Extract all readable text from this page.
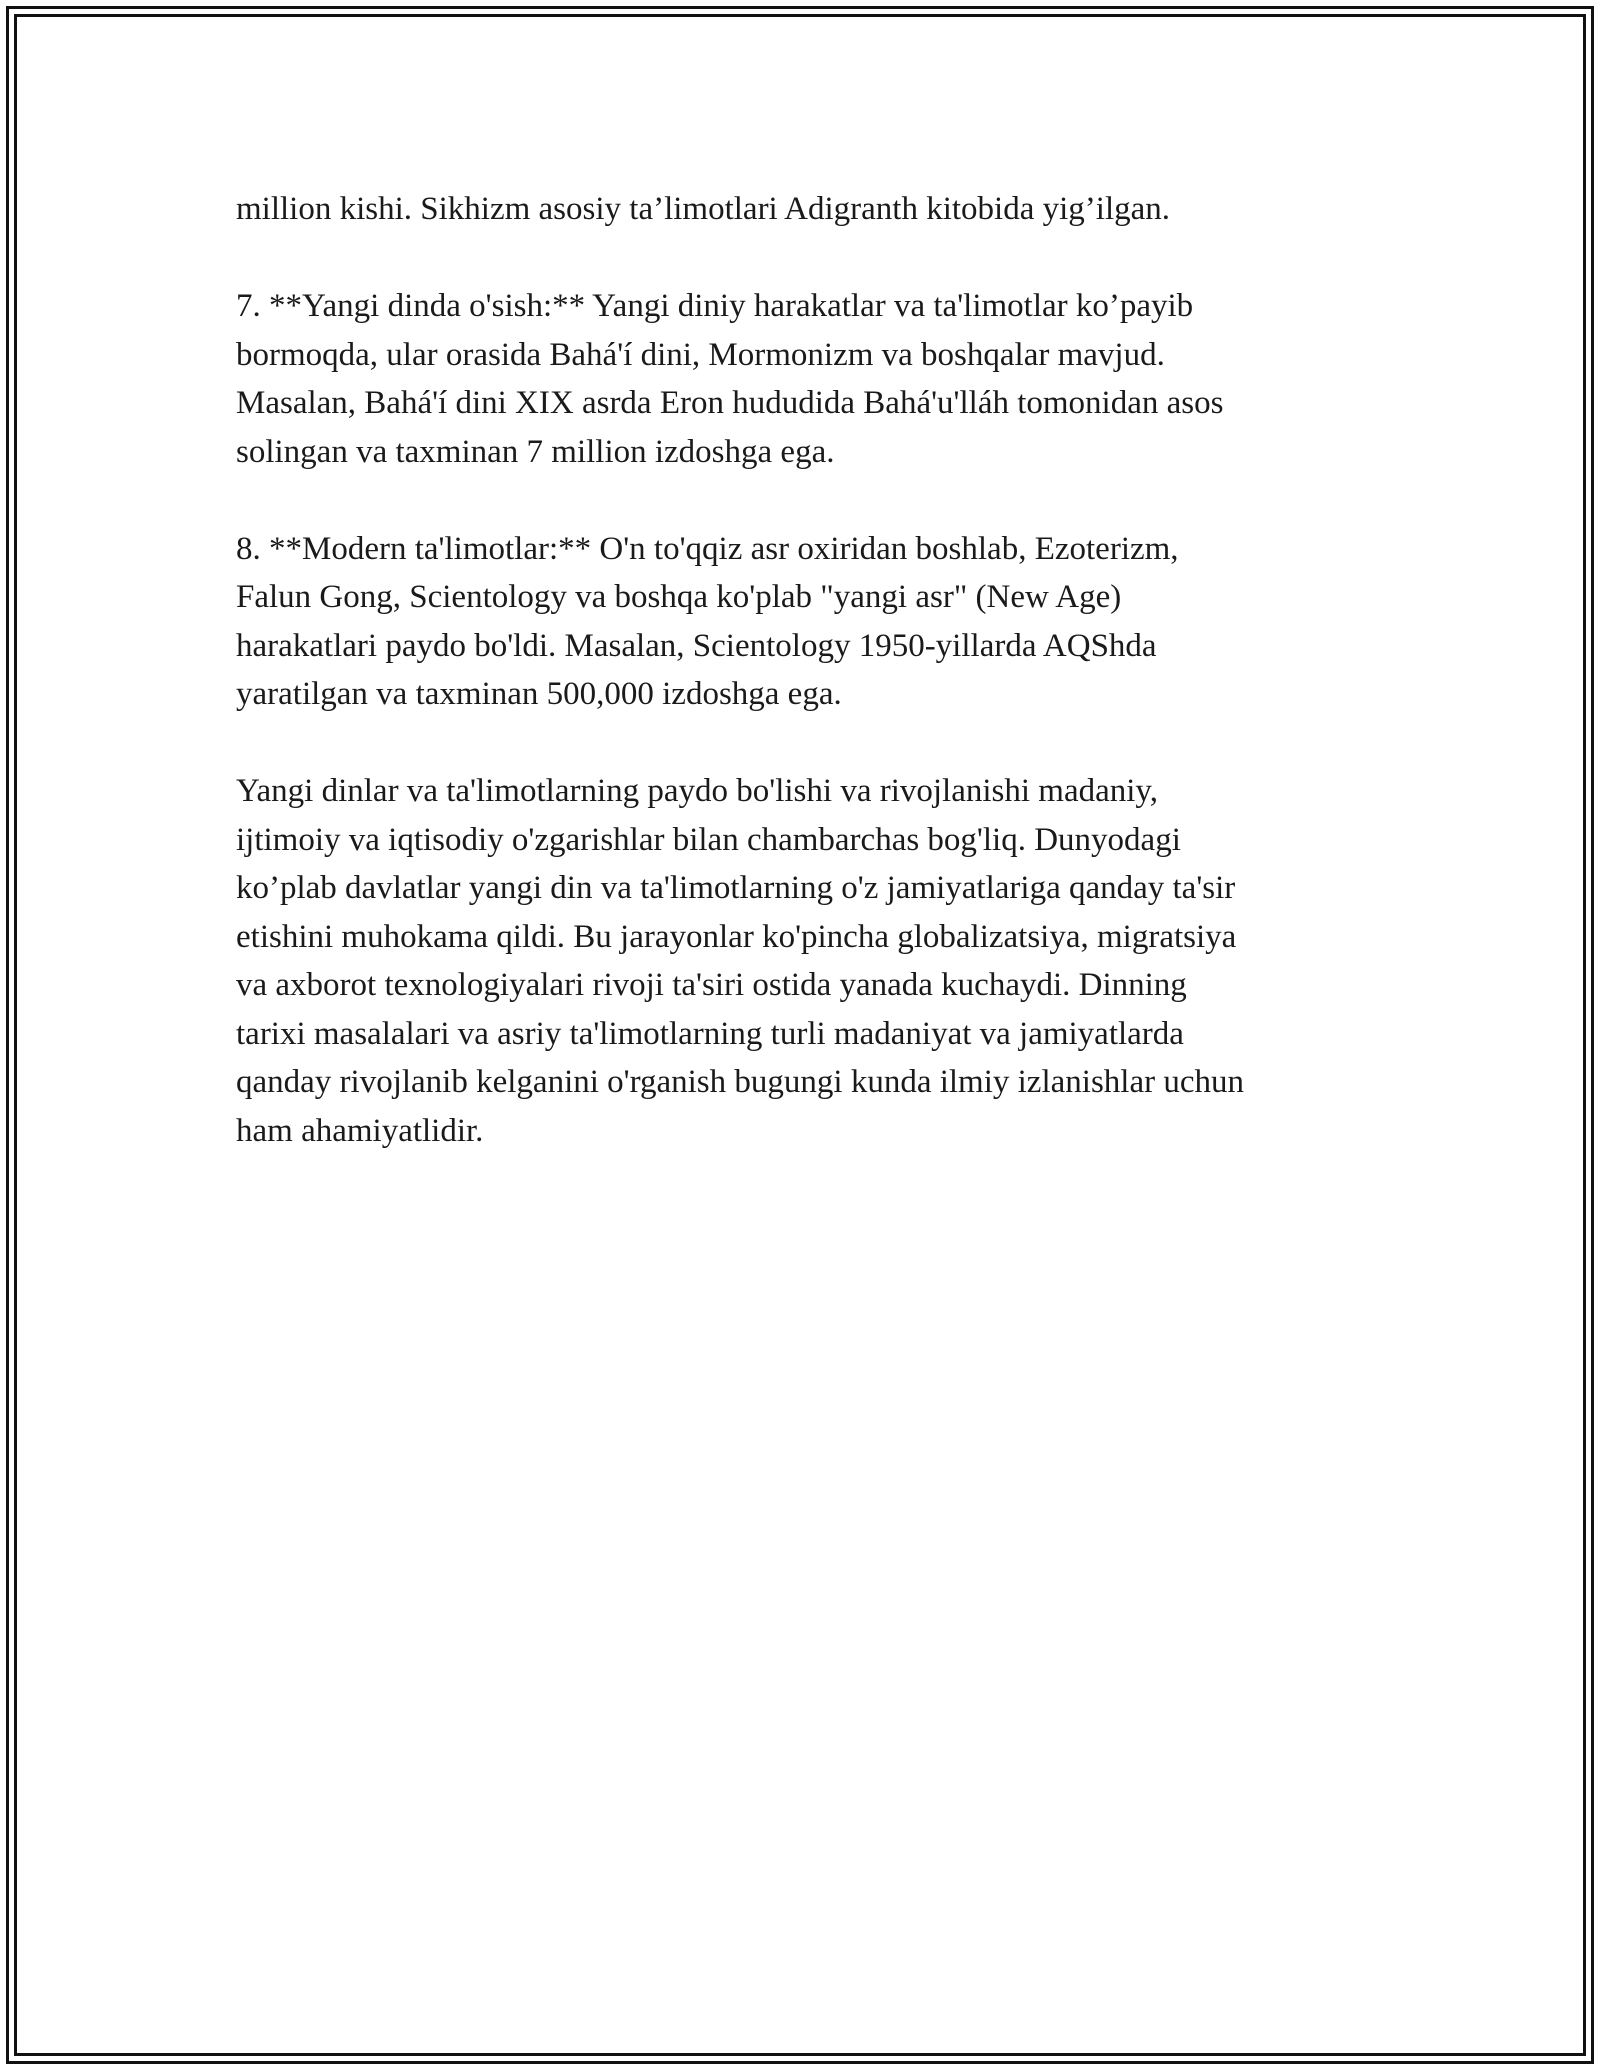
million kishi. Sikhizm asosiy ta’limotlari Adigranth kitobida yig’ilgan.

7. **Yangi dinda o'sish:** Yangi diniy harakatlar va ta'limotlar ko’payib
bormoqda, ular orasida Bahá'í dini, Mormonizm va boshqalar mavjud.
Masalan, Bahá'í dini XIX asrda Eron hududida Bahá'u'lláh tomonidan asos
solingan va taxminan 7 million izdoshga ega.

8. **Modern ta'limotlar:** O'n to'qqiz asr oxiridan boshlab, Ezoterizm,
Falun Gong, Scientology va boshqa ko'plab "yangi asr" (New Age)
harakatlari paydo bo'ldi. Masalan, Scientology 1950-yillarda AQShda
yaratilgan va taxminan 500,000 izdoshga ega.

Yangi dinlar va ta'limotlarning paydo bo'lishi va rivojlanishi madaniy,
ijtimoiy va iqtisodiy o'zgarishlar bilan chambarchas bog'liq. Dunyodagi
ko’plab davlatlar yangi din va ta'limotlarning o'z jamiyatlariga qanday ta'sir
etishini muhokama qildi. Bu jarayonlar ko'pincha globalizatsiya, migratsiya
va axborot texnologiyalari rivoji ta'siri ostida yanada kuchaydi. Dinning
tarixi masalalari va asriy ta'limotlarning turli madaniyat va jamiyatlarda
qanday rivojlanib kelganini o'rganish bugungi kunda ilmiy izlanishlar uchun
ham ahamiyatlidir.
